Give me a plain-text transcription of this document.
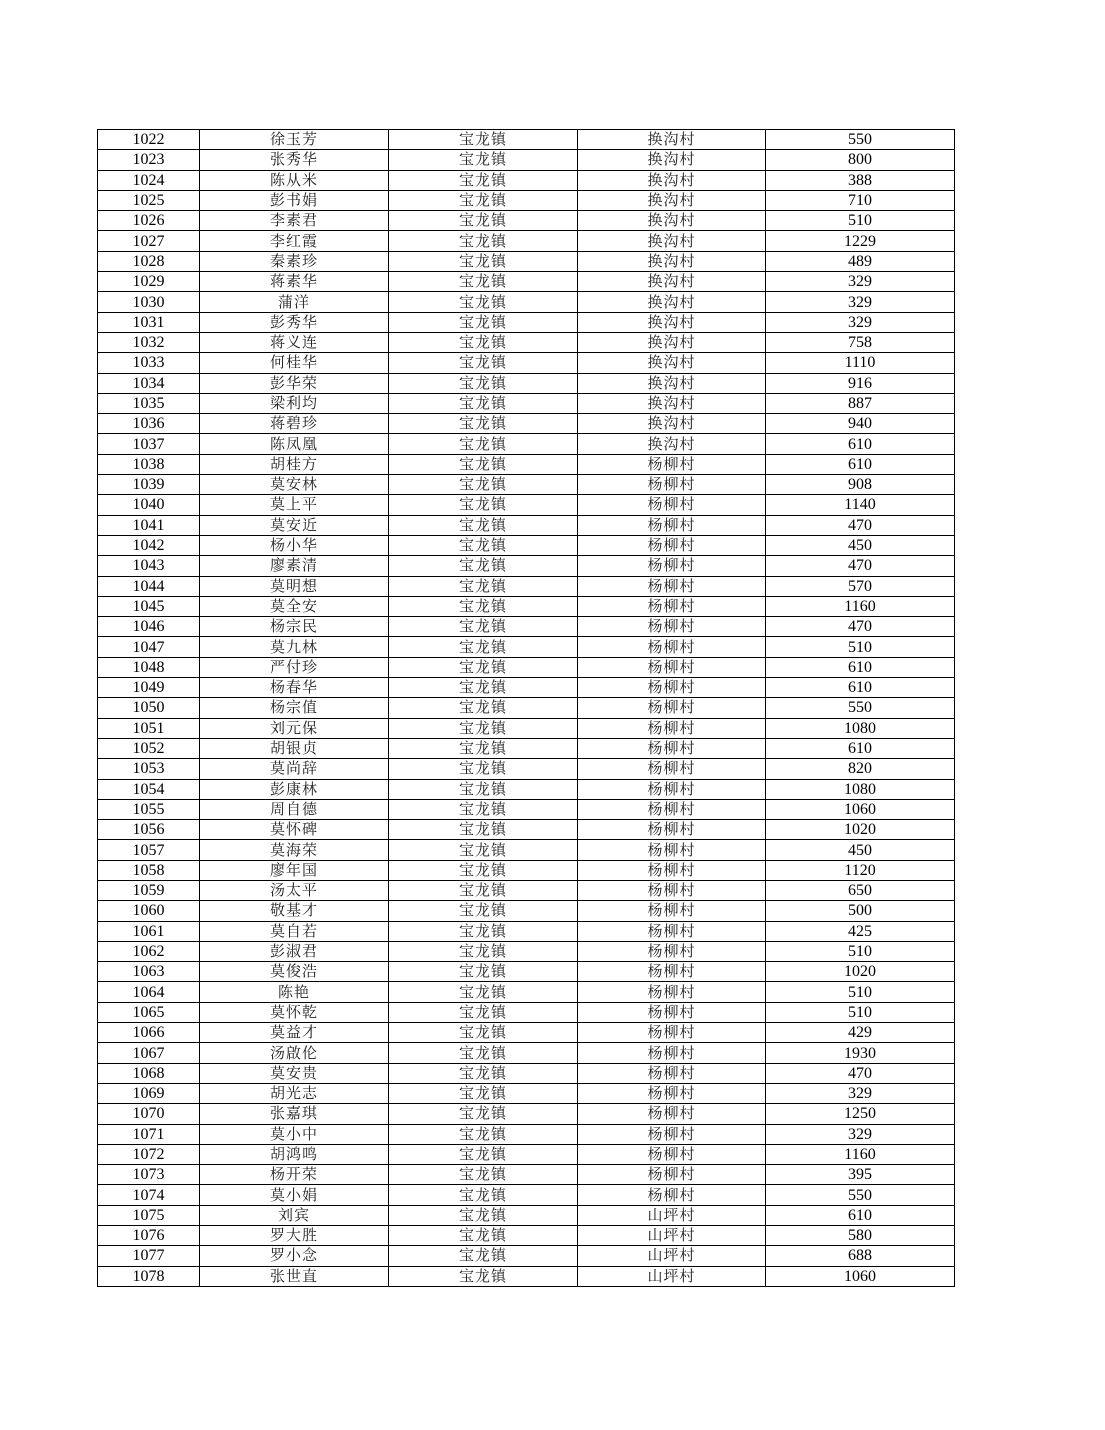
1022	徐玉芳	宝龙镇	换沟村	550
1023	张秀华	宝龙镇	换沟村	800
1024	陈从米	宝龙镇	换沟村	388
1025	彭书娟	宝龙镇	换沟村	710
1026	李素君	宝龙镇	换沟村	510
1027	李红霞	宝龙镇	换沟村	1229
1028	秦素珍	宝龙镇	换沟村	489
1029	蒋素华	宝龙镇	换沟村	329
1030	蒲洋	宝龙镇	换沟村	329
1031	彭秀华	宝龙镇	换沟村	329
1032	蒋义连	宝龙镇	换沟村	758
1033	何桂华	宝龙镇	换沟村	1110
1034	彭华荣	宝龙镇	换沟村	916
1035	梁利均	宝龙镇	换沟村	887
1036	蒋碧珍	宝龙镇	换沟村	940
1037	陈凤凰	宝龙镇	换沟村	610
1038	胡桂方	宝龙镇	杨柳村	610
1039	莫安林	宝龙镇	杨柳村	908
1040	莫上平	宝龙镇	杨柳村	1140
1041	莫安近	宝龙镇	杨柳村	470
1042	杨小华	宝龙镇	杨柳村	450
1043	廖素清	宝龙镇	杨柳村	470
1044	莫明想	宝龙镇	杨柳村	570
1045	莫全安	宝龙镇	杨柳村	1160
1046	杨宗民	宝龙镇	杨柳村	470
1047	莫九林	宝龙镇	杨柳村	510
1048	严付珍	宝龙镇	杨柳村	610
1049	杨春华	宝龙镇	杨柳村	610
1050	杨宗值	宝龙镇	杨柳村	550
1051	刘元保	宝龙镇	杨柳村	1080
1052	胡银贞	宝龙镇	杨柳村	610
1053	莫尚辞	宝龙镇	杨柳村	820
1054	彭康林	宝龙镇	杨柳村	1080
1055	周自德	宝龙镇	杨柳村	1060
1056	莫怀碑	宝龙镇	杨柳村	1020
1057	莫海荣	宝龙镇	杨柳村	450
1058	廖年国	宝龙镇	杨柳村	1120
1059	汤太平	宝龙镇	杨柳村	650
1060	敬基才	宝龙镇	杨柳村	500
1061	莫自若	宝龙镇	杨柳村	425
1062	彭淑君	宝龙镇	杨柳村	510
1063	莫俊浩	宝龙镇	杨柳村	1020
1064	陈艳	宝龙镇	杨柳村	510
1065	莫怀乾	宝龙镇	杨柳村	510
1066	莫益才	宝龙镇	杨柳村	429
1067	汤啟伦	宝龙镇	杨柳村	1930
1068	莫安贵	宝龙镇	杨柳村	470
1069	胡光志	宝龙镇	杨柳村	329
1070	张嘉琪	宝龙镇	杨柳村	1250
1071	莫小中	宝龙镇	杨柳村	329
1072	胡鸿鸣	宝龙镇	杨柳村	1160
1073	杨开荣	宝龙镇	杨柳村	395
1074	莫小娟	宝龙镇	杨柳村	550
1075	刘宾	宝龙镇	山坪村	610
1076	罗大胜	宝龙镇	山坪村	580
1077	罗小念	宝龙镇	山坪村	688
1078	张世直	宝龙镇	山坪村	1060
